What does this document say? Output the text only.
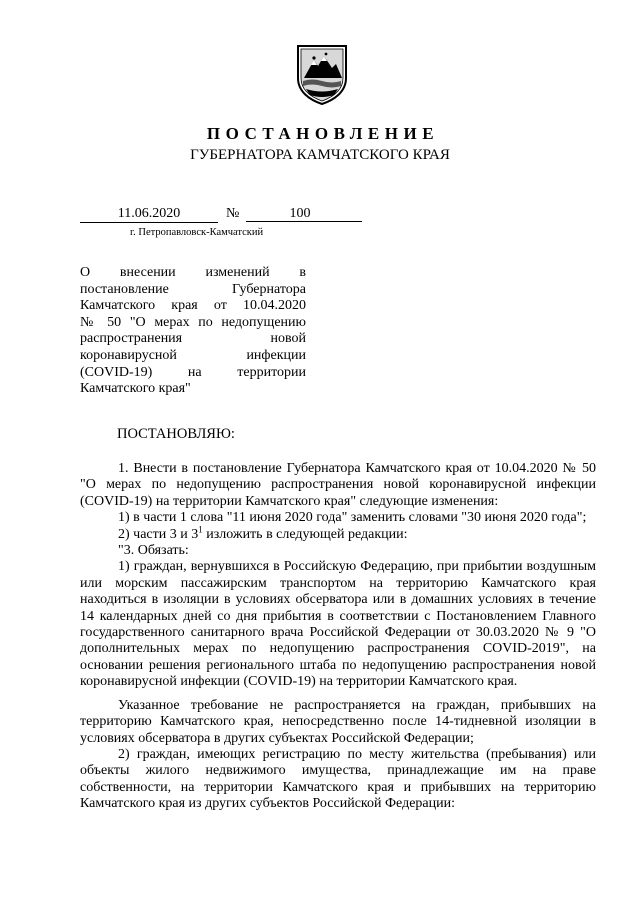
ПОСТАНОВЛЕНИЕ
ГУБЕРНАТОРА КАМЧАТСКОГО КРАЯ
11.06.2020	№	100
г. Петропавловск-Камчатский
О внесении изменений в
постановление Губернатора
Камчатского края от 10.04.2020
№ 50 "О мерах по недопущению
распространения новой
коронавирусной инфекции
(COVID-19) на территории
Камчатского края"
ПОСТАНОВЛЯЮ:

1. Внести в постановление Губернатора Камчатского края от 10.04.2020 № 50 "О мерах по недопущению распространения новой коронавирусной инфекции (COVID-19) на территории Камчатского края" следующие изменения:

1) в части 1 слова "11 июня 2020 года" заменить словами "30 июня 2020 года";

2) части 3 и $3^1$ изложить в следующей редакции:

"3. Обязать:

1) граждан, вернувшихся в Российскую Федерацию, при прибытии воздушным или морским пассажирским транспортом на территорию Камчатского края находиться в изоляции в условиях обсерватора или в домашних условиях в течение 14 календарных дней со дня прибытия в соответствии с Постановлением Главного государственного санитарного врача Российской Федерации от 30.03.2020 № 9 "О дополнительных мерах по недопущению распространения COVID-2019", на основании решения регионального штаба по недопущению распространения новой коронавирусной инфекции (COVID-19) на территории Камчатского края.

Указанное требование не распространяется на граждан, прибывших на территорию Камчатского края, непосредственно после 14-тидневной изоляции в условиях обсерватора в других субъектах Российской Федерации;

2) граждан, имеющих регистрацию по месту жительства (пребывания) или объекты жилого недвижимого имущества, принадлежащие им на праве собственности, на территории Камчатского края и прибывших на территорию Камчатского края из других субъектов Российской Федерации:
